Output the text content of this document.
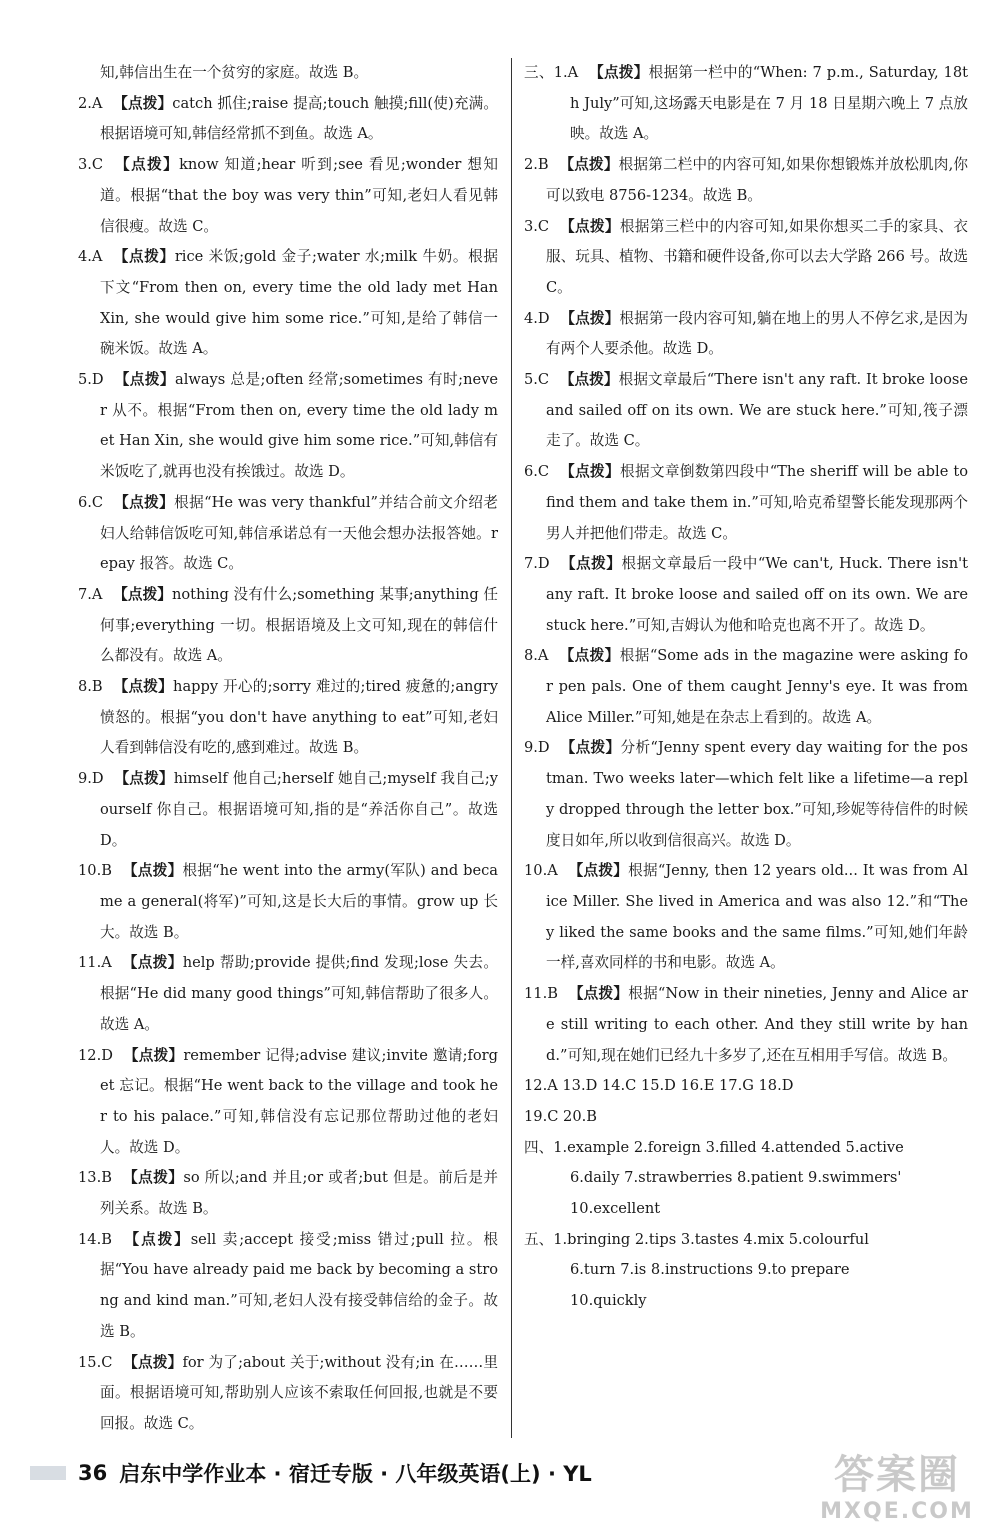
知,韩信出生在一个贫穷的家庭。故选 B。

2.A 【点拨】catch 抓住;raise 提高;touch 触摸;fill(使)充满。根据语境可知,韩信经常抓不到鱼。故选 A。

3.C 【点拨】know 知道;hear 听到;see 看见;wonder 想知道。根据“that the boy was very thin”可知,老妇人看见韩信很瘦。故选 C。

4.A 【点拨】rice 米饭;gold 金子;water 水;milk 牛奶。根据下文“From then on, every time the old lady met Han Xin, she would give him some rice.”可知,是给了韩信一碗米饭。故选 A。

5.D 【点拨】always 总是;often 经常;sometimes 有时;never 从不。根据“From then on, every time the old lady met Han Xin, she would give him some rice.”可知,韩信有米饭吃了,就再也没有挨饿过。故选 D。

6.C 【点拨】根据“He was very thankful”并结合前文介绍老妇人给韩信饭吃可知,韩信承诺总有一天他会想办法报答她。repay 报答。故选 C。

7.A 【点拨】nothing 没有什么;something 某事;anything 任何事;everything 一切。根据语境及上文可知,现在的韩信什么都没有。故选 A。

8.B 【点拨】happy 开心的;sorry 难过的;tired 疲惫的;angry 愤怒的。根据“you don't have anything to eat”可知,老妇人看到韩信没有吃的,感到难过。故选 B。

9.D 【点拨】himself 他自己;herself 她自己;myself 我自己;yourself 你自己。根据语境可知,指的是“养活你自己”。故选 D。

10.B 【点拨】根据“he went into the army(军队) and became a general(将军)”可知,这是长大后的事情。grow up 长大。故选 B。

11.A 【点拨】help 帮助;provide 提供;find 发现;lose 失去。根据“He did many good things”可知,韩信帮助了很多人。故选 A。

12.D 【点拨】remember 记得;advise 建议;invite 邀请;forget 忘记。根据“He went back to the village and took her to his palace.”可知,韩信没有忘记那位帮助过他的老妇人。故选 D。

13.B 【点拨】so 所以;and 并且;or 或者;but 但是。前后是并列关系。故选 B。

14.B 【点拨】sell 卖;accept 接受;miss 错过;pull 拉。根据“You have already paid me back by becoming a strong and kind man.”可知,老妇人没有接受韩信给的金子。故选 B。

15.C 【点拨】for 为了;about 关于;without 没有;in 在……里面。根据语境可知,帮助别人应该不索取任何回报,也就是不要回报。故选 C。

三、1.A 【点拨】根据第一栏中的“When: 7 p.m., Saturday, 18th July”可知,这场露天电影是在 7 月 18 日星期六晚上 7 点放映。故选 A。

2.B 【点拨】根据第二栏中的内容可知,如果你想锻炼并放松肌肉,你可以致电 8756-1234。故选 B。

3.C 【点拨】根据第三栏中的内容可知,如果你想买二手的家具、衣服、玩具、植物、书籍和硬件设备,你可以去大学路 266 号。故选 C。

4.D 【点拨】根据第一段内容可知,躺在地上的男人不停乞求,是因为有两个人要杀他。故选 D。

5.C 【点拨】根据文章最后“There isn't any raft. It broke loose and sailed off on its own. We are stuck here.”可知,筏子漂走了。故选 C。

6.C 【点拨】根据文章倒数第四段中“The sheriff will be able to find them and take them in.”可知,哈克希望警长能发现那两个男人并把他们带走。故选 C。

7.D 【点拨】根据文章最后一段中“We can't, Huck. There isn't any raft. It broke loose and sailed off on its own. We are stuck here.”可知,吉姆认为他和哈克也离不开了。故选 D。

8.A 【点拨】根据“Some ads in the magazine were asking for pen pals. One of them caught Jenny's eye. It was from Alice Miller.”可知,她是在杂志上看到的。故选 A。

9.D 【点拨】分析“Jenny spent every day waiting for the postman. Two weeks later—which felt like a lifetime—a reply dropped through the letter box.”可知,珍妮等待信件的时候度日如年,所以收到信很高兴。故选 D。

10.A 【点拨】根据“Jenny, then 12 years old... It was from Alice Miller. She lived in America and was also 12.”和“They liked the same books and the same films.”可知,她们年龄一样,喜欢同样的书和电影。故选 A。

11.B 【点拨】根据“Now in their nineties, Jenny and Alice are still writing to each other. And they still write by hand.”可知,现在她们已经九十多岁了,还在互相用手写信。故选 B。

12.A 13.D 14.C 15.D 16.E 17.G 18.D

19.C 20.B

四、1.example 2.foreign 3.filled 4.attended 5.active

6.daily 7.strawberries 8.patient 9.swimmers'

10.excellent

五、1.bringing 2.tips 3.tastes 4.mix 5.colourful

6.turn 7.is 8.instructions 9.to prepare

10.quickly

36 启东中学作业本 · 宿迁专版 · 八年级英语(上) · YL	答案圈
MXQE.COM
